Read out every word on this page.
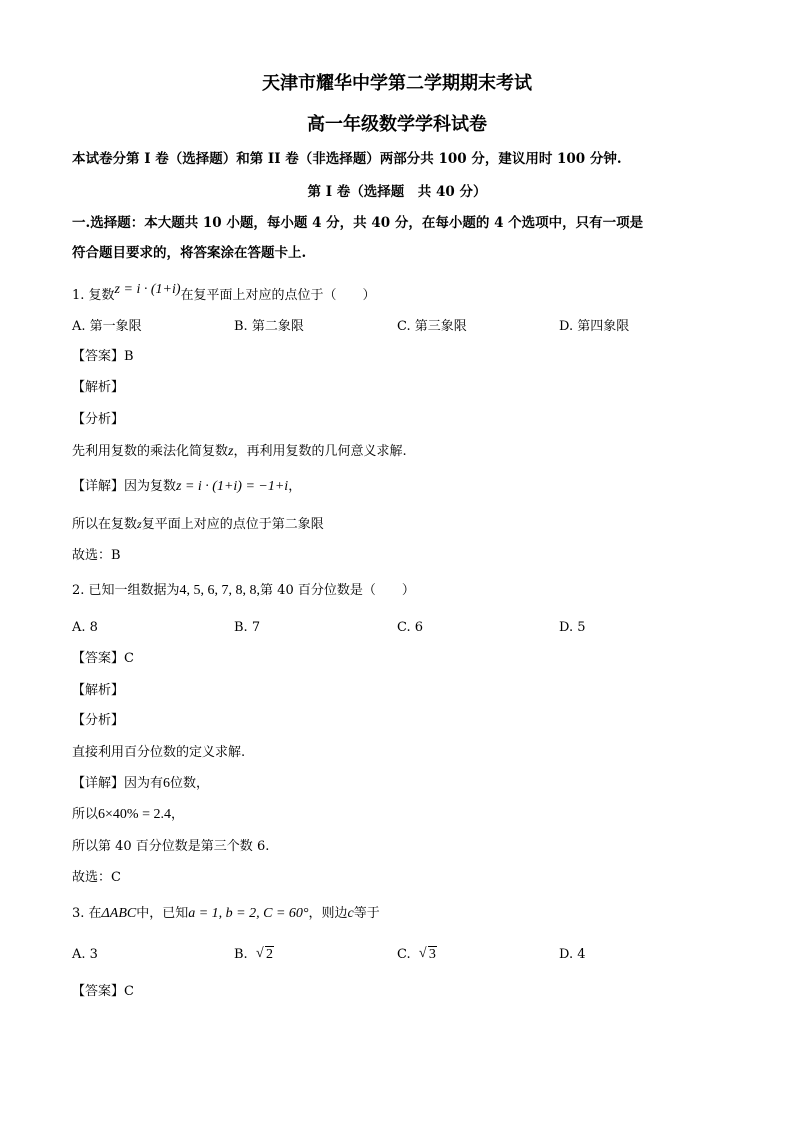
天津市耀华中学第二学期期末考试
高一年级数学学科试卷
本试卷分第 I 卷（选择题）和第 II 卷（非选择题）两部分共 100 分，建议用时 100 分钟.
第 I 卷（选择题　共 40 分）
一.选择题：本大题共 10 小题，每小题 4 分，共 40 分，在每小题的 4 个选项中，只有一项是
符合题目要求的，将答案涂在答题卡上.
1. 复数z = i · (1+i)在复平面上对应的点位于（　　）
A. 第一象限	B. 第二象限	C. 第三象限	D. 第四象限
【答案】B
【解析】
【分析】
先利用复数的乘法化简复数z，再利用复数的几何意义求解.
【详解】因为复数z = i · (1+i) = −1+i，
所以在复数z复平面上对应的点位于第二象限
故选：B
2. 已知一组数据为4, 5, 6, 7, 8, 8,第 40 百分位数是（　　）
A. 8	B. 7	C. 6	D. 5
【答案】C
【解析】
【分析】
直接利用百分位数的定义求解.
【详解】因为有6位数，
所以6×40% = 2.4，
所以第 40 百分位数是第三个数 6.
故选：C
3. 在ΔABC中，已知a = 1, b = 2, C = 60°，则边c等于
A. 3	B. √ 2	C. √ 3	D. 4
【答案】C
